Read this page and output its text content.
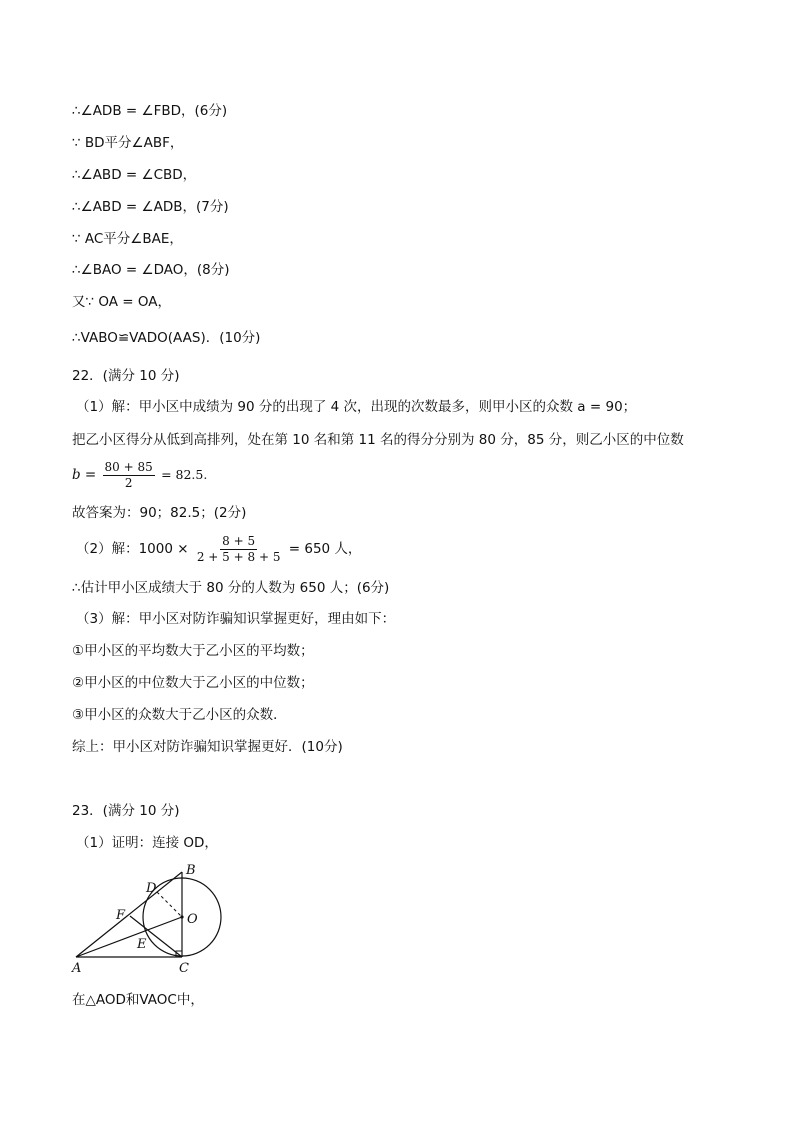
∴∠ADB = ∠FBD，(6分)
∵ BD平分∠ABF，
∴∠ABD = ∠CBD，
∴∠ABD = ∠ADB，(7分)
∵ AC平分∠BAE，
∴∠BAO = ∠DAO，(8分)
又∵ OA = OA，
∴VABO≌VADO(AAS)．(10分)
22．(满分 10 分)
（1）解：甲小区中成绩为 90 分的出现了 4 次，出现的次数最多，则甲小区的众数 a = 90；
把乙小区得分从低到高排列，处在第 10 名和第 11 名的得分分别为 80 分，85 分，则乙小区的中位数
$b = \frac{80 + 85}{2} = 82.5$.
故答案为：90；82.5；(2分)
（2）解：$1000 \times \frac{8 + 5}{2 + 5 + 8 + 5} = 650$ 人，
∴估计甲小区成绩大于 80 分的人数为 650 人；(6分)
（3）解：甲小区对防诈骗知识掌握更好，理由如下：
①甲小区的平均数大于乙小区的平均数；
②甲小区的中位数大于乙小区的中位数；
③甲小区的众数大于乙小区的众数．
综上：甲小区对防诈骗知识掌握更好．(10分)
23．(满分 10 分)
（1）证明：连接 OD，
B
D
O
F
E
A	C
在△AOD和VAOC中，
